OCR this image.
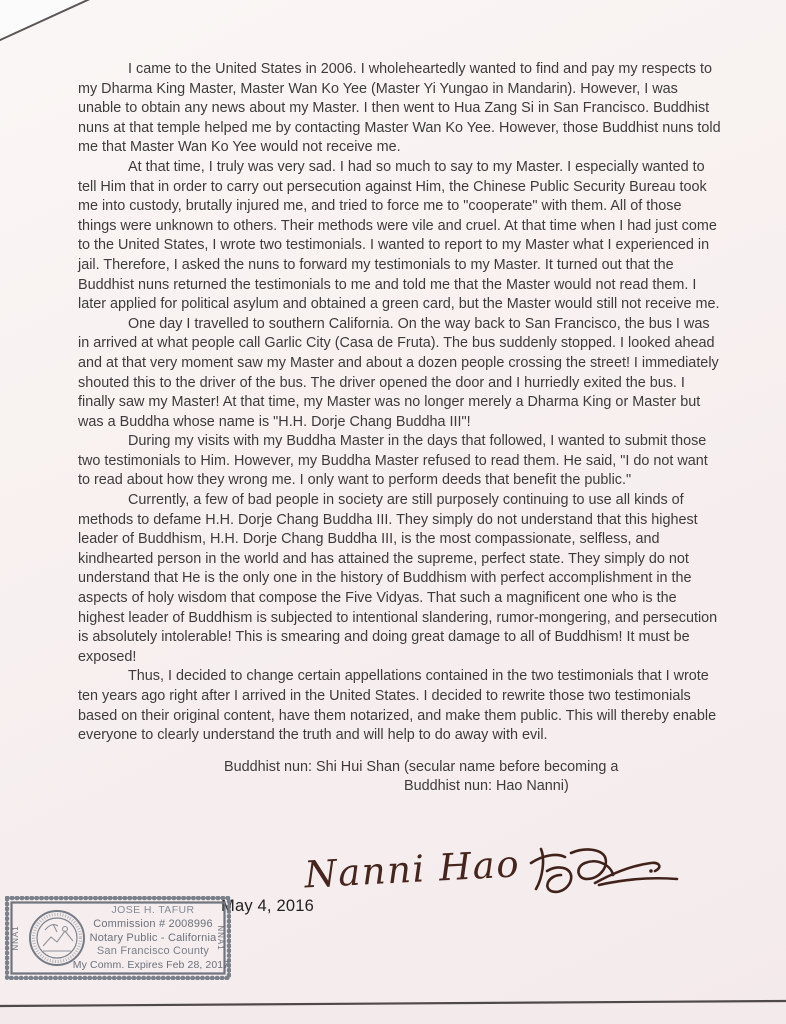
I came to the United States in 2006. I wholeheartedly wanted to find and pay my respects to my Dharma King Master, Master Wan Ko Yee (Master Yi Yungao in Mandarin). However, I was unable to obtain any news about my Master. I then went to Hua Zang Si in San Francisco. Buddhist nuns at that temple helped me by contacting Master Wan Ko Yee. However, those Buddhist nuns told me that Master Wan Ko Yee would not receive me.

At that time, I truly was very sad. I had so much to say to my Master. I especially wanted to tell Him that in order to carry out persecution against Him, the Chinese Public Security Bureau took me into custody, brutally injured me, and tried to force me to "cooperate" with them. All of those things were unknown to others. Their methods were vile and cruel. At that time when I had just come to the United States, I wrote two testimonials. I wanted to report to my Master what I experienced in jail. Therefore, I asked the nuns to forward my testimonials to my Master. It turned out that the Buddhist nuns returned the testimonials to me and told me that the Master would not read them. I later applied for political asylum and obtained a green card, but the Master would still not receive me.

One day I travelled to southern California. On the way back to San Francisco, the bus I was in arrived at what people call Garlic City (Casa de Fruta). The bus suddenly stopped. I looked ahead and at that very moment saw my Master and about a dozen people crossing the street! I immediately shouted this to the driver of the bus. The driver opened the door and I hurriedly exited the bus. I finally saw my Master! At that time, my Master was no longer merely a Dharma King or Master but was a Buddha whose name is "H.H. Dorje Chang Buddha III"!

During my visits with my Buddha Master in the days that followed, I wanted to submit those two testimonials to Him. However, my Buddha Master refused to read them. He said, "I do not want to read about how they wrong me. I only want to perform deeds that benefit the public."

Currently, a few of bad people in society are still purposely continuing to use all kinds of methods to defame H.H. Dorje Chang Buddha III. They simply do not understand that this highest leader of Buddhism, H.H. Dorje Chang Buddha III, is the most compassionate, selfless, and kindhearted person in the world and has attained the supreme, perfect state. They simply do not understand that He is the only one in the history of Buddhism with perfect accomplishment in the aspects of holy wisdom that compose the Five Vidyas. That such a magnificent one who is the highest leader of Buddhism is subjected to intentional slandering, rumor-mongering, and persecution is absolutely intolerable! This is smearing and doing great damage to all of Buddhism! It must be exposed!

Thus, I decided to change certain appellations contained in the two testimonials that I wrote ten years ago right after I arrived in the United States. I decided to rewrite those two testimonials based on their original content, have them notarized, and make them public. This will thereby enable everyone to clearly understand the truth and will help to do away with evil.

Buddhist nun: Shi Hui Shan (secular name before becoming a
Buddhist nun: Hao Nanni)
Nanni Hao
May 4, 2016
NNA1	NNA1
JOSE H. TAFUR
Commission # 2008996
Notary Public - California
San Francisco County
My Comm. Expires Feb 28, 2017
